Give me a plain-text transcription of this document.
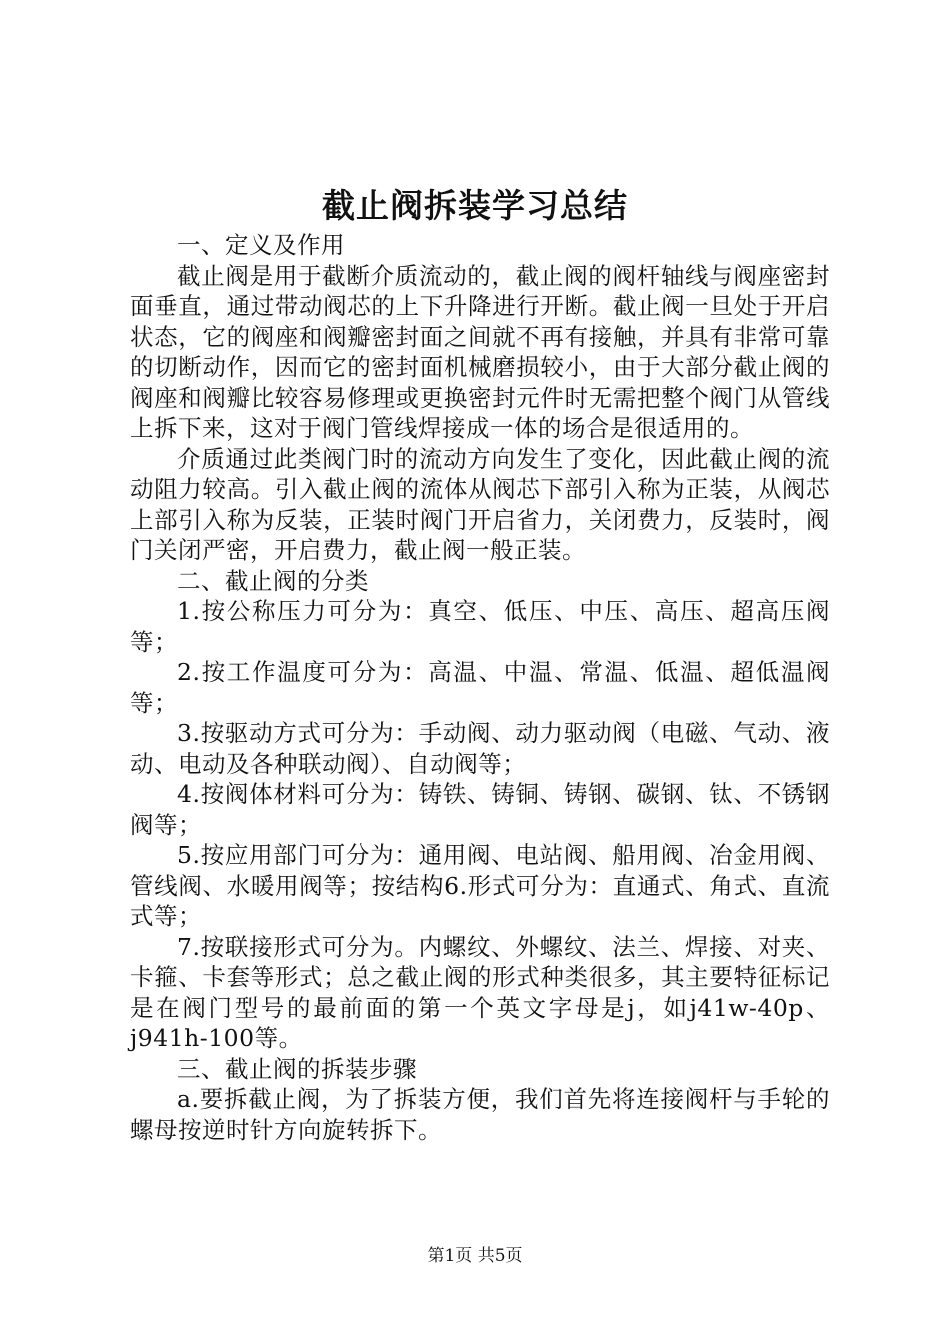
截止阀拆装学习总结

一、定义及作用

截止阀是用于截断介质流动的，截止阀的阀杆轴线与阀座密封面垂直，通过带动阀芯的上下升降进行开断。截止阀一旦处于开启状态，它的阀座和阀瓣密封面之间就不再有接触，并具有非常可靠的切断动作，因而它的密封面机械磨损较小，由于大部分截止阀的阀座和阀瓣比较容易修理或更换密封元件时无需把整个阀门从管线上拆下来，这对于阀门管线焊接成一体的场合是很适用的。

介质通过此类阀门时的流动方向发生了变化，因此截止阀的流动阻力较高。引入截止阀的流体从阀芯下部引入称为正装，从阀芯上部引入称为反装，正装时阀门开启省力，关闭费力，反装时，阀门关闭严密，开启费力，截止阀一般正装。

二、截止阀的分类

1.按公称压力可分为：真空、低压、中压、高压、超高压阀等；

2.按工作温度可分为：高温、中温、常温、低温、超低温阀等；

3.按驱动方式可分为：手动阀、动力驱动阀（电磁、气动、液动、电动及各种联动阀）、自动阀等；

4.按阀体材料可分为：铸铁、铸铜、铸钢、碳钢、钛、不锈钢阀等；

5.按应用部门可分为：通用阀、电站阀、船用阀、冶金用阀、管线阀、水暖用阀等；按结构6.形式可分为：直通式、角式、直流式等；

7.按联接形式可分为。内螺纹、外螺纹、法兰、焊接、对夹、卡箍、卡套等形式；总之截止阀的形式种类很多，其主要特征标记是在阀门型号的最前面的第一个英文字母是j，如j41w-40p、j941h-100等。

三、截止阀的拆装步骤

a.要拆截止阀，为了拆装方便，我们首先将连接阀杆与手轮的螺母按逆时针方向旋转拆下。

第1页 共5页
